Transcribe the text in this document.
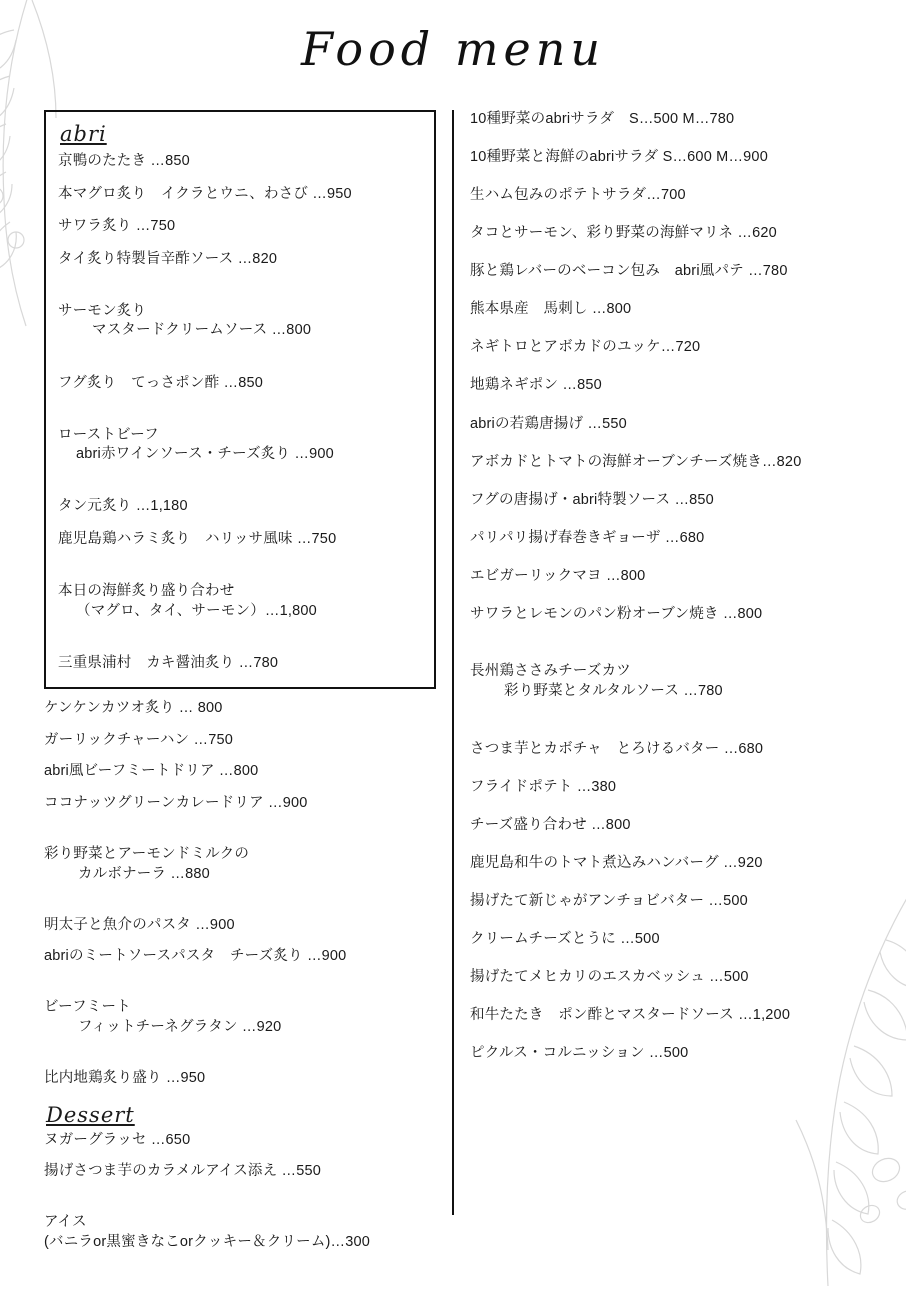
Food menu
abri
京鴨のたたき …850
本マグロ炙り　イクラとウニ、わさび …950
サワラ炙り …750
タイ炙り特製旨辛酢ソース …820

サーモン炙り

マスタードクリームソース …800

フグ炙り　てっさポン酢 …850

ローストビーフ

abri赤ワインソース・チーズ炙り …900

タン元炙り …1,180
鹿児島鶏ハラミ炙り　ハリッサ風味 …750

本日の海鮮炙り盛り合わせ

（マグロ、タイ、サーモン）…1,800

三重県浦村　カキ醤油炙り …780
ケンケンカツオ炙り … 800
ガーリックチャーハン …750
abri風ビーフミートドリア …800
ココナッツグリーンカレードリア …900

彩り野菜とアーモンドミルクの

カルボナーラ …880

明太子と魚介のパスタ …900
abriのミートソースパスタ　チーズ炙り …900

ビーフミート

フィットチーネグラタン …920

比内地鶏炙り盛り …950
Dessert
ヌガーグラッセ …650
揚げさつま芋のカラメルアイス添え …550

アイス

(バニラor黒蜜きなこorクッキー＆クリーム)…300

10種野菜のabriサラダ　S…500 M…780
10種野菜と海鮮のabriサラダ S…600 M…900
生ハム包みのポテトサラダ…700
タコとサーモン、彩り野菜の海鮮マリネ …620
豚と鶏レバーのベーコン包み　abri風パテ …780
熊本県産　馬刺し …800
ネギトロとアボカドのユッケ…720
地鶏ネギポン …850
abriの若鶏唐揚げ …550
アボカドとトマトの海鮮オーブンチーズ焼き…820
フグの唐揚げ・abri特製ソース …850
パリパリ揚げ春巻きギョーザ …680
エビガーリックマヨ …800
サワラとレモンのパン粉オーブン焼き …800

長州鶏ささみチーズカツ

彩り野菜とタルタルソース …780

さつま芋とカボチャ　とろけるバター …680
フライドポテト …380
チーズ盛り合わせ …800
鹿児島和牛のトマト煮込みハンバーグ …920
揚げたて新じゃがアンチョビバター …500
クリームチーズとうに …500
揚げたてメヒカリのエスカベッシュ …500
和牛たたき　ポン酢とマスタードソース …1,200
ピクルス・コルニッション …500
